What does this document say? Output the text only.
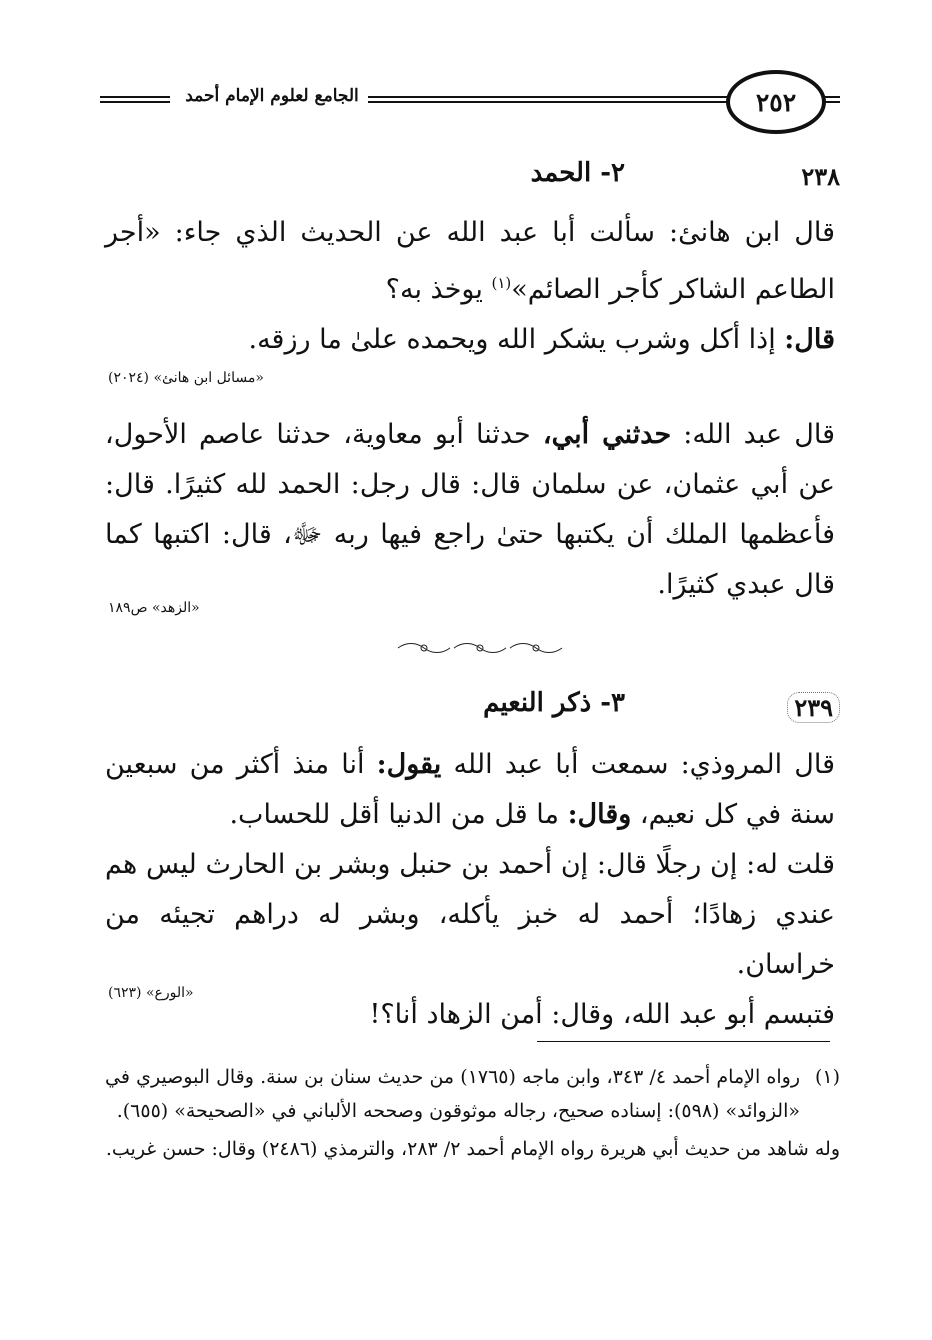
الجامع لعلوم الإمام أحمد	٢٥٢
٢٣٨
٢- الحمد

قال ابن هانئ: سألت أبا عبد الله عن الحديث الذي جاء: «أجر الطاعم الشاكر كأجر الصائم»$^{(١)}$ يوخذ به؟

قال: إذا أكل وشرب يشكر الله ويحمده علىٰ ما رزقه.

«مسائل ابن هانئ» (٢٠٢٤)

قال عبد الله: حدثني أبي، حدثنا أبو معاوية، حدثنا عاصم الأحول، عن أبي عثمان، عن سلمان قال: قال رجل: الحمد لله كثيرًا. قال: فأعظمها الملك أن يكتبها حتىٰ راجع فيها ربه ﷻ، قال: اكتبها كما قال عبدي كثيرًا.

«الزهد» ص١٨٩
٢٣٩
٣- ذكر النعيم

قال المروذي: سمعت أبا عبد الله يقول: أنا منذ أكثر من سبعين سنة في كل نعيم، وقال: ما قل من الدنيا أقل للحساب.

قلت له: إن رجلًا قال: إن أحمد بن حنبل وبشر بن الحارث ليس هم عندي زهادًا؛ أحمد له خبز يأكله، وبشر له دراهم تجيئه من خراسان.

فتبسم أبو عبد الله، وقال: أمن الزهاد أنا؟!

«الورع» (٦٢٣)

(١)
رواه الإمام أحمد ٤/ ٣٤٣، وابن ماجه (١٧٦٥) من حديث سنان بن سنة. وقال البوصيري في «الزوائد» (٥٩٨): إسناده صحيح، رجاله موثوقون وصححه الألباني في «الصحيحة» (٦٥٥).

وله شاهد من حديث أبي هريرة رواه الإمام أحمد ٢/ ٢٨٣، والترمذي (٢٤٨٦) وقال: حسن غريب.
